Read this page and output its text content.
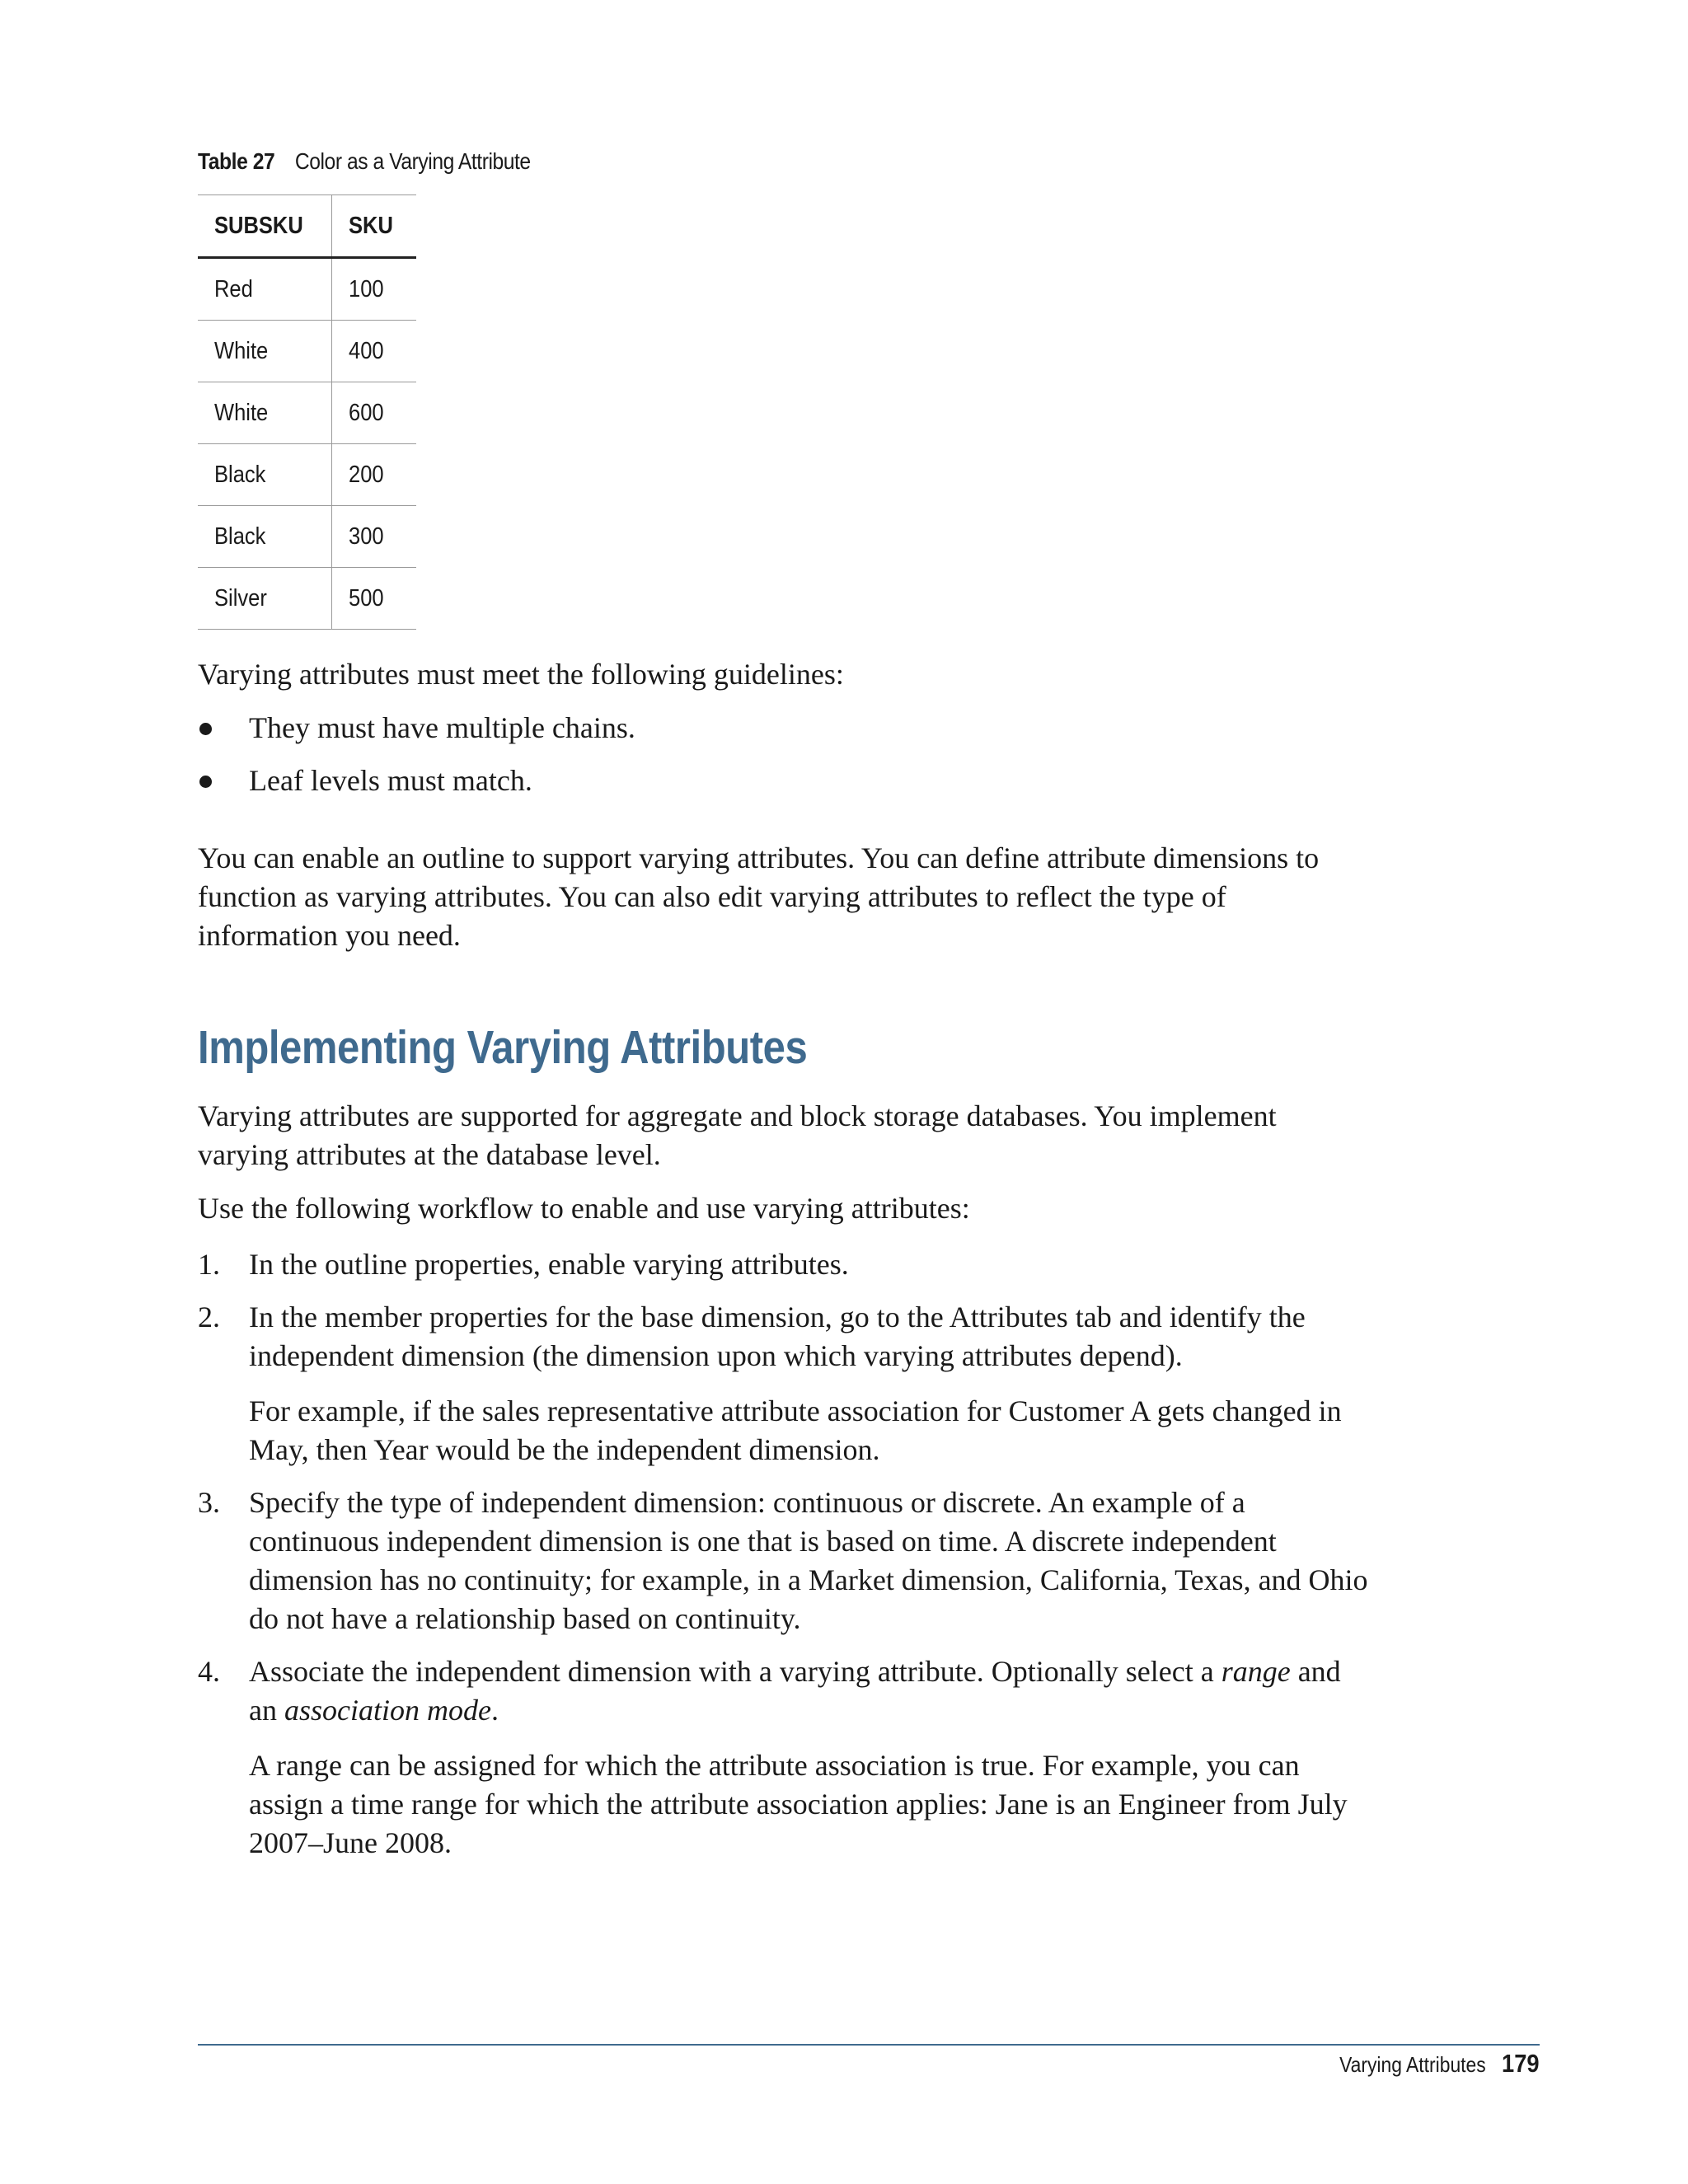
Table 27 Color as a Varying Attribute
SUBSKU	SKU
Red	100
White	400
White	600
Black	200
Black	300
Silver	500

Varying attributes must meet the following guidelines:

They must have multiple chains.
Leaf levels must match.

You can enable an outline to support varying attributes. You can define attribute dimensions to function as varying attributes. You can also edit varying attributes to reflect the type of information you need.

Implementing Varying Attributes

Varying attributes are supported for aggregate and block storage databases. You implement varying attributes at the database level.

Use the following workflow to enable and use varying attributes:

1. In the outline properties, enable varying attributes.
2. In the member properties for the base dimension, go to the Attributes tab and identify the independent dimension (the dimension upon which varying attributes depend).

For example, if the sales representative attribute association for Customer A gets changed in May, then Year would be the independent dimension.

3. Specify the type of independent dimension: continuous or discrete. An example of a continuous independent dimension is one that is based on time. A discrete independent dimension has no continuity; for example, in a Market dimension, California, Texas, and Ohio do not have a relationship based on continuity.
4. Associate the independent dimension with a varying attribute. Optionally select a range and an association mode.

A range can be assigned for which the attribute association is true. For example, you can assign a time range for which the attribute association applies: Jane is an Engineer from July 2007–June 2008.

Varying Attributes 179
